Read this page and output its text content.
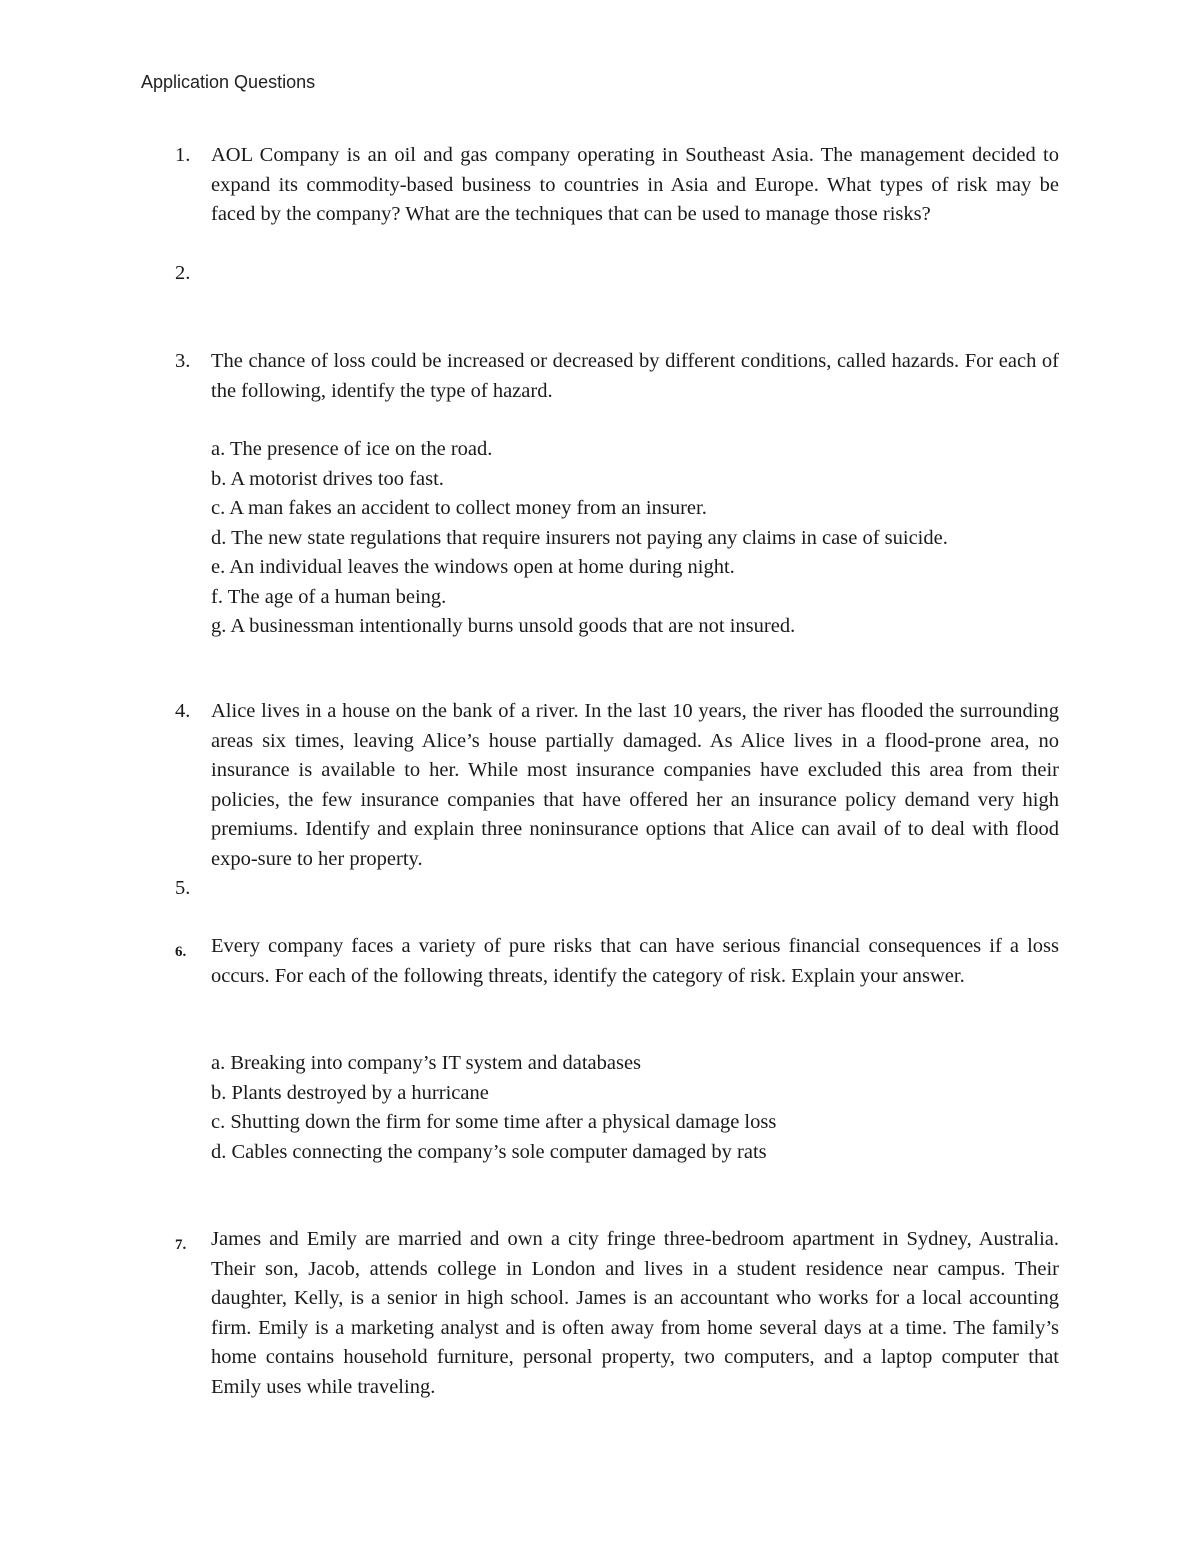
Application Questions
1. AOL Company is an oil and gas company operating in Southeast Asia. The management decided to expand its commodity-based business to countries in Asia and Europe. What types of risk may be faced by the company? What are the techniques that can be used to manage those risks?
2.
3. The chance of loss could be increased or decreased by different conditions, called hazards. For each of the following, identify the type of hazard.
a. The presence of ice on the road.
b. A motorist drives too fast.
c. A man fakes an accident to collect money from an insurer.
d. The new state regulations that require insurers not paying any claims in case of suicide.
e. An individual leaves the windows open at home during night.
f. The age of a human being.
g. A businessman intentionally burns unsold goods that are not insured.
4. Alice lives in a house on the bank of a river. In the last 10 years, the river has flooded the surrounding areas six times, leaving Alice’s house partially damaged. As Alice lives in a flood-prone area, no insurance is available to her. While most insurance companies have excluded this area from their policies, the few insurance companies that have offered her an insurance policy demand very high premiums. Identify and explain three noninsurance options that Alice can avail of to deal with flood expo-sure to her property.
5.
6. Every company faces a variety of pure risks that can have serious financial consequences if a loss occurs. For each of the following threats, identify the category of risk. Explain your answer.
a. Breaking into company’s IT system and databases
b. Plants destroyed by a hurricane
c. Shutting down the firm for some time after a physical damage loss
d. Cables connecting the company’s sole computer damaged by rats
7. James and Emily are married and own a city fringe three-bedroom apartment in Sydney, Australia. Their son, Jacob, attends college in London and lives in a student residence near campus. Their daughter, Kelly, is a senior in high school. James is an accountant who works for a local accounting firm. Emily is a marketing analyst and is often away from home several days at a time. The family’s home contains household furniture, personal property, two computers, and a laptop computer that Emily uses while traveling.
